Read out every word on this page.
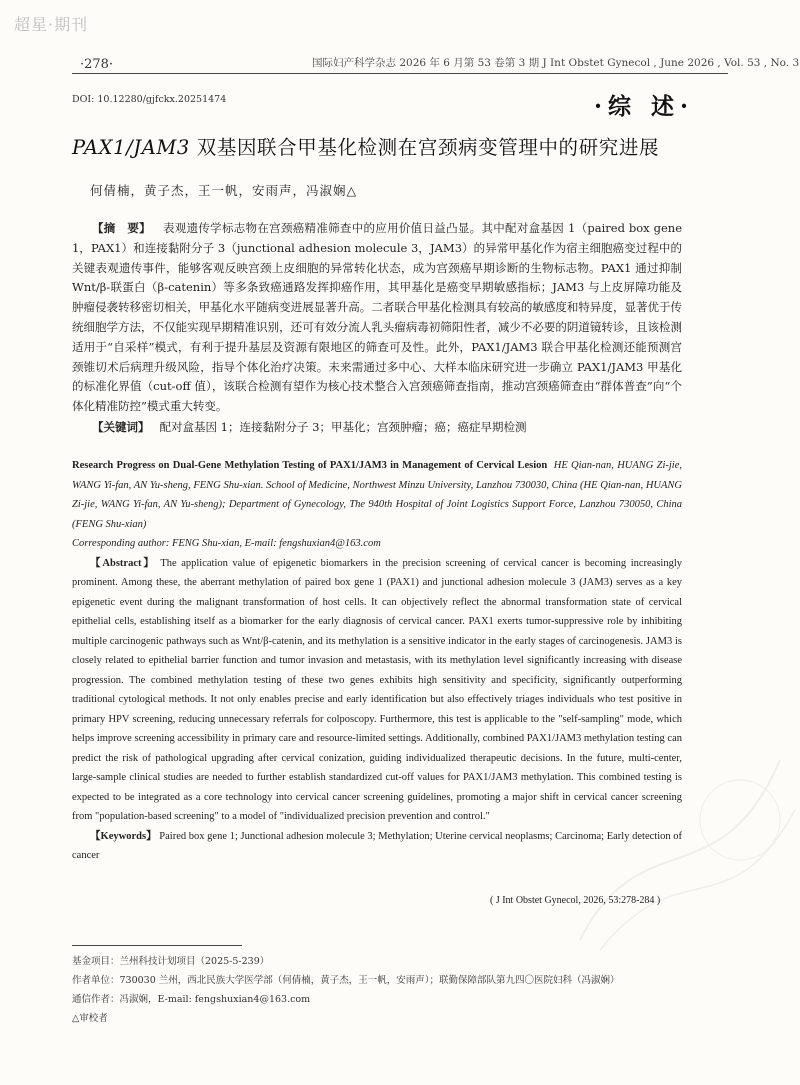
超星·期刊
·278·	国际妇产科学杂志 2026 年 6 月第 53 卷第 3 期 J Int Obstet Gynecol , June 2026 , Vol. 53 , No. 3
DOI: 10.12280/gjfckx.20251474	·综 述·
PAX1/JAM3 双基因联合甲基化检测在宫颈病变管理中的研究进展
何倩楠，黄子杰，王一帆，安雨声，冯淑娴△
【摘　要】 表观遗传学标志物在宫颈癌精准筛查中的应用价值日益凸显。其中配对盒基因 1（paired box gene 1，PAX1）和连接黏附分子 3（junctional adhesion molecule 3，JAM3）的异常甲基化作为宿主细胞癌变过程中的关键表观遗传事件，能够客观反映宫颈上皮细胞的异常转化状态，成为宫颈癌早期诊断的生物标志物。PAX1 通过抑制 Wnt/β-联蛋白（β-catenin）等多条致癌通路发挥抑癌作用，其甲基化是癌变早期敏感指标；JAM3 与上皮屏障功能及肿瘤侵袭转移密切相关，甲基化水平随病变进展显著升高。二者联合甲基化检测具有较高的敏感度和特异度，显著优于传统细胞学方法，不仅能实现早期精准识别，还可有效分流人乳头瘤病毒初筛阳性者，减少不必要的阴道镜转诊，且该检测适用于“自采样”模式，有利于提升基层及资源有限地区的筛查可及性。此外，PAX1/JAM3 联合甲基化检测还能预测宫颈锥切术后病理升级风险，指导个体化治疗决策。未来需通过多中心、大样本临床研究进一步确立 PAX1/JAM3 甲基化的标准化界值（cut-off 值），该联合检测有望作为核心技术整合入宫颈癌筛查指南，推动宫颈癌筛查由“群体普查”向“个体化精准防控”模式重大转变。
【关键词】 配对盒基因 1；连接黏附分子 3；甲基化；宫颈肿瘤；癌；癌症早期检测
Research Progress on Dual-Gene Methylation Testing of PAX1/JAM3 in Management of Cervical Lesion HE Qian-nan, HUANG Zi-jie, WANG Yi-fan, AN Yu-sheng, FENG Shu-xian. School of Medicine, Northwest Minzu University, Lanzhou 730030, China (HE Qian-nan, HUANG Zi-jie, WANG Yi-fan, AN Yu-sheng); Department of Gynecology, The 940th Hospital of Joint Logistics Support Force, Lanzhou 730050, China (FENG Shu-xian)
Corresponding author: FENG Shu-xian, E-mail: fengshuxian4@163.com
【Abstract】 The application value of epigenetic biomarkers in the precision screening of cervical cancer is becoming increasingly prominent. Among these, the aberrant methylation of paired box gene 1 (PAX1) and junctional adhesion molecule 3 (JAM3) serves as a key epigenetic event during the malignant transformation of host cells. It can objectively reflect the abnormal transformation state of cervical epithelial cells, establishing itself as a biomarker for the early diagnosis of cervical cancer. PAX1 exerts tumor-suppressive role by inhibiting multiple carcinogenic pathways such as Wnt/β-catenin, and its methylation is a sensitive indicator in the early stages of carcinogenesis. JAM3 is closely related to epithelial barrier function and tumor invasion and metastasis, with its methylation level significantly increasing with disease progression. The combined methylation testing of these two genes exhibits high sensitivity and specificity, significantly outperforming traditional cytological methods. It not only enables precise and early identification but also effectively triages individuals who test positive in primary HPV screening, reducing unnecessary referrals for colposcopy. Furthermore, this test is applicable to the "self-sampling" mode, which helps improve screening accessibility in primary care and resource-limited settings. Additionally, combined PAX1/JAM3 methylation testing can predict the risk of pathological upgrading after cervical conization, guiding individualized therapeutic decisions. In the future, multi-center, large-sample clinical studies are needed to further establish standardized cut-off values for PAX1/JAM3 methylation. This combined testing is expected to be integrated as a core technology into cervical cancer screening guidelines, promoting a major shift in cervical cancer screening from "population-based screening" to a model of "individualized precision prevention and control."
【Keywords】 Paired box gene 1; Junctional adhesion molecule 3; Methylation; Uterine cervical neoplasms; Carcinoma; Early detection of cancer
( J Int Obstet Gynecol, 2026, 53:278-284 )
基金项目：兰州科技计划项目（2025-5-239）
作者单位：730030 兰州，西北民族大学医学部（何倩楠，黄子杰，王一帆，安雨声）；联勤保障部队第九四〇医院妇科（冯淑娴）
通信作者：冯淑娴，E-mail: fengshuxian4@163.com
△审校者
